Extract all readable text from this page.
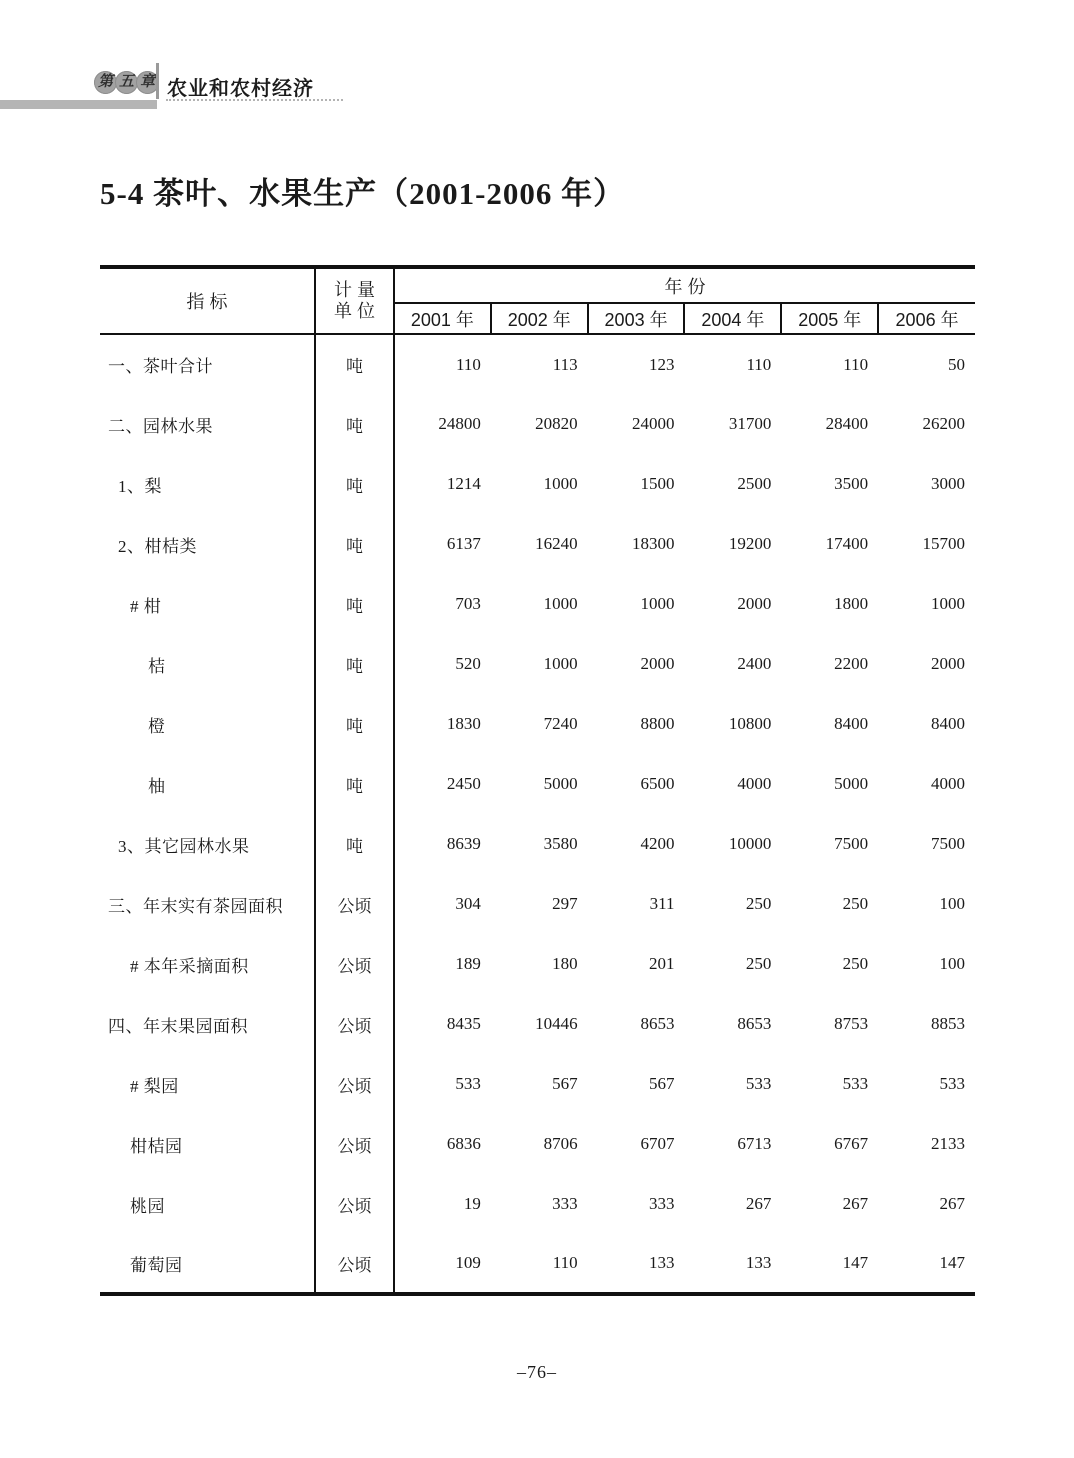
第 五 章 农业和农村经济
5-4 茶叶、水果生产（2001-2006 年）
指 标	计 量
单 位	年 份					
		2001 年	2002 年	2003 年	2004 年	2005 年	2006 年
一、茶叶合计	吨	110	113	123	110	110	50
二、园林水果	吨	24800	20820	24000	31700	28400	26200
1、梨	吨	1214	1000	1500	2500	3500	3000
2、柑桔类	吨	6137	16240	18300	19200	17400	15700
# 柑	吨	703	1000	1000	2000	1800	1000
桔	吨	520	1000	2000	2400	2200	2000
橙	吨	1830	7240	8800	10800	8400	8400
柚	吨	2450	5000	6500	4000	5000	4000
3、其它园林水果	吨	8639	3580	4200	10000	7500	7500
三、年末实有茶园面积	公顷	304	297	311	250	250	100
# 本年采摘面积	公顷	189	180	201	250	250	100
四、年末果园面积	公顷	8435	10446	8653	8653	8753	8853
# 梨园	公顷	533	567	567	533	533	533
柑桔园	公顷	6836	8706	6707	6713	6767	2133
桃园	公顷	19	333	333	267	267	267
葡萄园	公顷	109	110	133	133	147	147
–76–
